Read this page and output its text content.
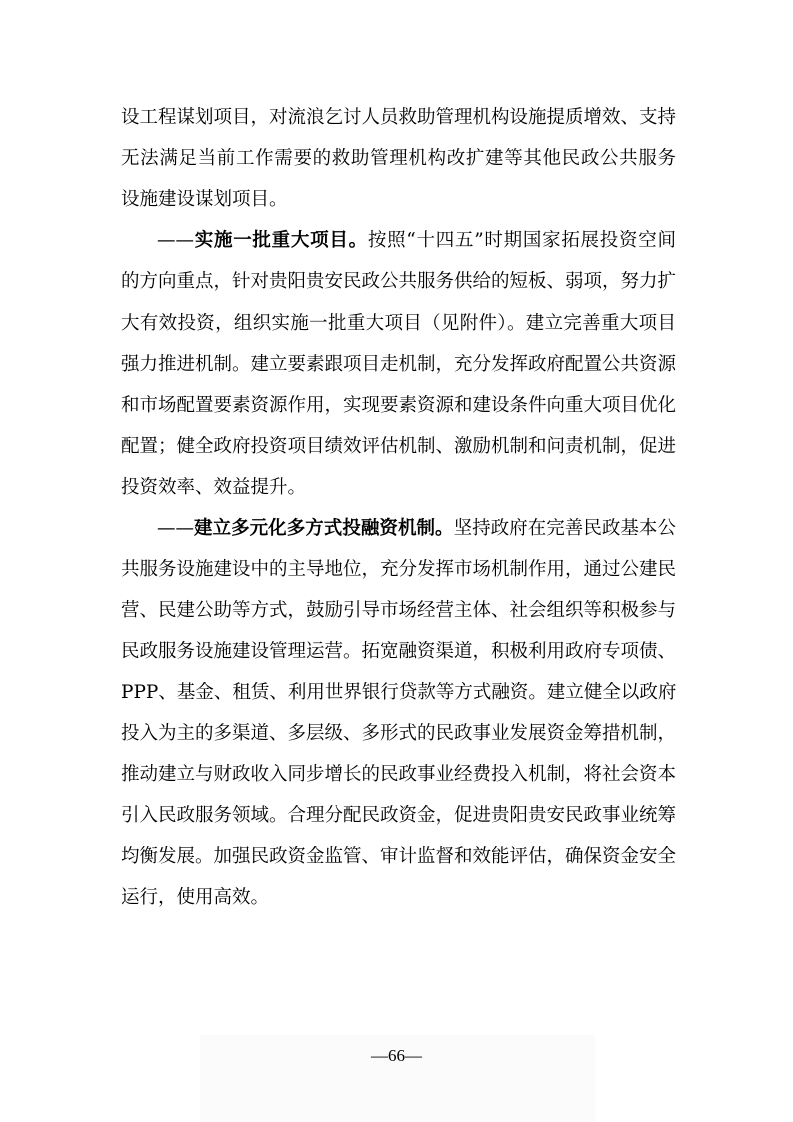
设工程谋划项目，对流浪乞讨人员救助管理机构设施提质增效、支持
无法满足当前工作需要的救助管理机构改扩建等其他民政公共服务
设施建设谋划项目。
——实施一批重大项目。按照“十四五”时期国家拓展投资空间
的方向重点，针对贵阳贵安民政公共服务供给的短板、弱项，努力扩
大有效投资，组织实施一批重大项目（见附件）。建立完善重大项目
强力推进机制。建立要素跟项目走机制，充分发挥政府配置公共资源
和市场配置要素资源作用，实现要素资源和建设条件向重大项目优化
配置；健全政府投资项目绩效评估机制、激励机制和问责机制，促进
投资效率、效益提升。
——建立多元化多方式投融资机制。坚持政府在完善民政基本公
共服务设施建设中的主导地位，充分发挥市场机制作用，通过公建民
营、民建公助等方式，鼓励引导市场经营主体、社会组织等积极参与
民政服务设施建设管理运营。拓宽融资渠道，积极利用政府专项债、
PPP、基金、租赁、利用世界银行贷款等方式融资。建立健全以政府
投入为主的多渠道、多层级、多形式的民政事业发展资金筹措机制，
推动建立与财政收入同步增长的民政事业经费投入机制，将社会资本
引入民政服务领域。合理分配民政资金，促进贵阳贵安民政事业统筹
均衡发展。加强民政资金监管、审计监督和效能评估，确保资金安全
运行，使用高效。
—66—
